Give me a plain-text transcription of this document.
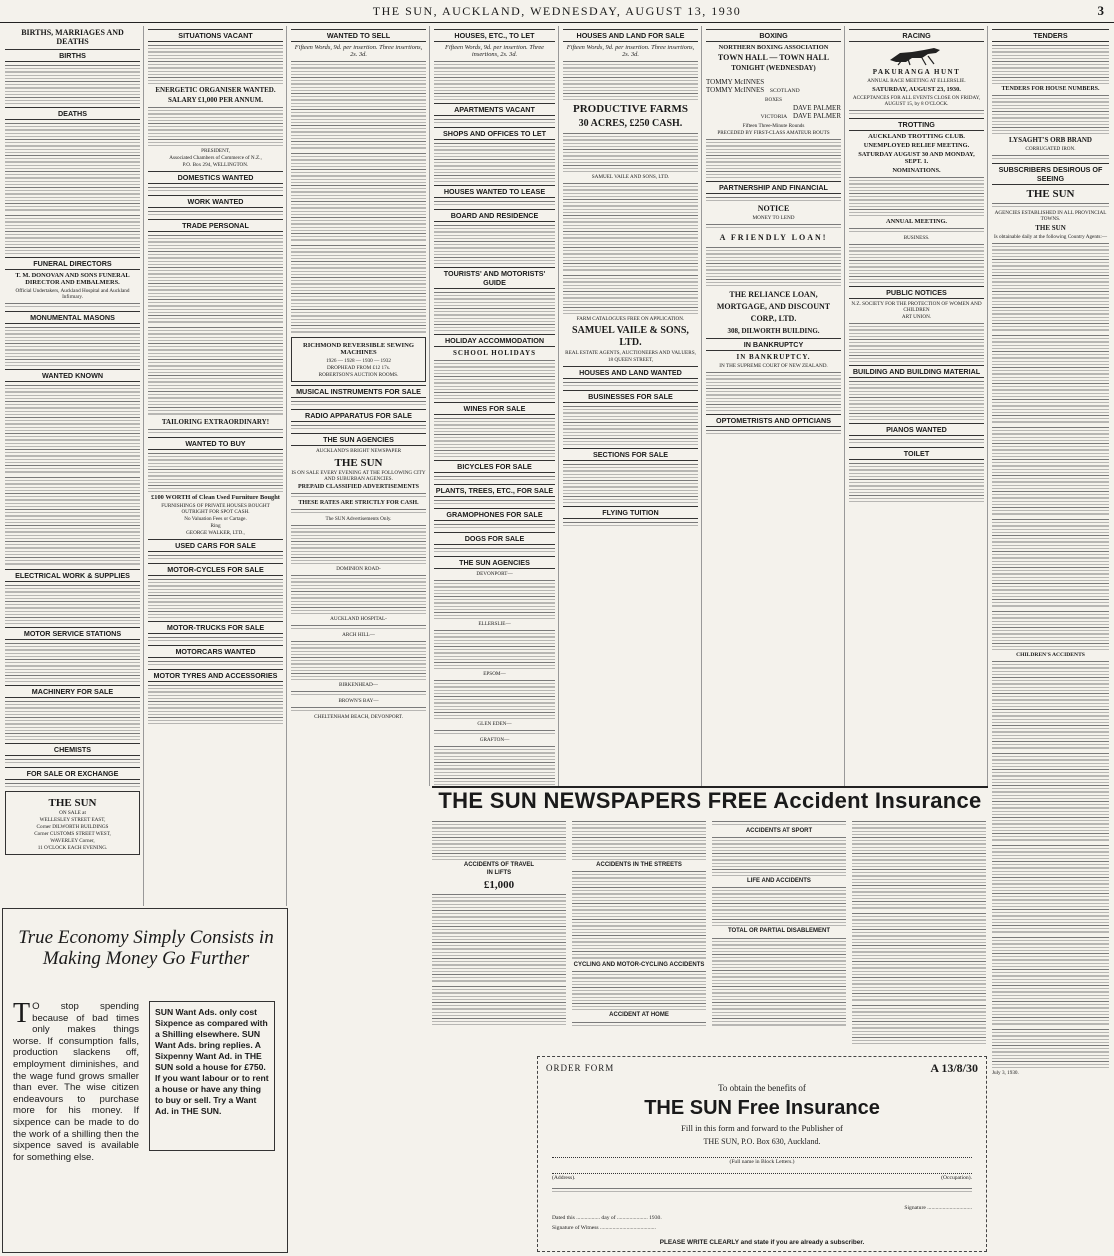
THE SUN, AUCKLAND, WEDNESDAY, AUGUST 13, 1930	3
BIRTHS, MARRIAGES AND DEATHS
BIRTHS
DEATHS
FUNERAL DIRECTORS
T. M. DONOVAN AND SONS FUNERAL DIRECTOR AND EMBALMERS.
Official Undertakers, Auckland Hospital and Auckland Infirmary.
MONUMENTAL MASONS
WANTED KNOWN
ELECTRICAL WORK & SUPPLIES
MOTOR SERVICE STATIONS
MACHINERY FOR SALE
CHEMISTS
FOR SALE OR EXCHANGE
THE SUN
ON SALE at
WELLESLEY STREET EAST,
Corner DILWORTH BUILDINGS
Corner CUSTOMS STREET WEST,
WAVERLEY Corner,
11 O'CLOCK EACH EVENING.
SITUATIONS VACANT
ENERGETIC ORGANISER WANTED.
SALARY £1,000 PER ANNUM.
PRESIDENT,
Associated Chambers of Commerce of N.Z.,
P.O. Box 294, WELLINGTON.
DOMESTICS WANTED
WORK WANTED
TRADE PERSONAL
TAILORING EXTRAORDINARY!
WANTED TO BUY
£100 WORTH of Clean Used Furniture Bought
FURNISHINGS OF PRIVATE HOUSES BOUGHT OUTRIGHT FOR SPOT CASH.
No Valuation Fees or Cartage.
Ring
GEORGE WALKER, LTD.,
USED CARS FOR SALE
MOTOR-CYCLES FOR SALE
MOTOR-TRUCKS FOR SALE
MOTORCARS WANTED
MOTOR TYRES AND ACCESSORIES
WANTED TO SELL
Fifteen Words, 9d. per insertion. Three insertions, 2s. 3d.
RICHMOND REVERSIBLE SEWING MACHINES
1926 — 1928 — 1930 — 1932
DROPHEAD FROM £12 17s.
ROBERTSON'S AUCTION ROOMS.
MUSICAL INSTRUMENTS FOR SALE
RADIO APPARATUS FOR SALE
THE SUN AGENCIES
AUCKLAND'S BRIGHT NEWSPAPER
THE SUN
IS ON SALE EVERY EVENING AT THE FOLLOWING CITY AND SUBURBAN AGENCIES.
PREPAID CLASSIFIED ADVERTISEMENTS
THESE RATES ARE STRICTLY FOR CASH.
The SUN Advertisements Only.
DOMINION ROAD-
AUCKLAND HOSPITAL-
ARCH HILL—
BIRKENHEAD—
BROWN'S BAY—
CHELTENHAM BEACH, DEVONPORT.
HOUSES, ETC., TO LET
Fifteen Words, 9d. per insertion. Three insertions, 2s. 3d.
APARTMENTS VACANT
SHOPS AND OFFICES TO LET
HOUSES WANTED TO LEASE
BOARD AND RESIDENCE
TOURISTS' AND MOTORISTS' GUIDE
HOLIDAY ACCOMMODATION
SCHOOL HOLIDAYS
WINES FOR SALE
BICYCLES FOR SALE
PLANTS, TREES, ETC., FOR SALE
GRAMOPHONES FOR SALE
DOGS FOR SALE
THE SUN AGENCIES
DEVONPORT—
ELLERSLIE—
EPSOM—
GLEN EDEN—
GRAFTON—
HOUSES AND LAND FOR SALE
Fifteen Words, 9d. per insertion. Three insertions, 2s. 3d.
PRODUCTIVE FARMS
30 ACRES, £250 CASH.
SAMUEL VAILE AND SONS, LTD.
FARM CATALOGUES FREE ON APPLICATION.
SAMUEL VAILE & SONS, LTD.
REAL ESTATE AGENTS, AUCTIONEERS AND VALUERS,
18 QUEEN STREET,
HOUSES AND LAND WANTED
BUSINESSES FOR SALE
SECTIONS FOR SALE
FLYING TUITION
BOXING
NORTHERN BOXING ASSOCIATION
TOWN HALL — TOWN HALL
TONIGHT (WEDNESDAY)
TOMMY McINNES
TOMMY McINNES SCOTLAND
BOXES
DAVE PALMER
VICTORIA DAVE PALMER
Fifteen Three-Minute Rounds
PRECEDED BY FIRST-CLASS AMATEUR BOUTS
PARTNERSHIP AND FINANCIAL
NOTICE
MONEY TO LEND
A FRIENDLY LOAN!
THE RELIANCE LOAN, MORTGAGE, AND DISCOUNT CORP., LTD.
308, DILWORTH BUILDING.
IN BANKRUPTCY
IN BANKRUPTCY.
IN THE SUPREME COURT OF NEW ZEALAND.
OPTOMETRISTS AND OPTICIANS
RACING
PAKURANGA HUNT
ANNUAL RACE MEETING AT ELLERSLIE.
SATURDAY, AUGUST 23, 1930.
ACCEPTANCES FOR ALL EVENTS CLOSE ON FRIDAY, AUGUST 15, by 8 O'CLOCK.
TROTTING
AUCKLAND TROTTING CLUB.
UNEMPLOYED RELIEF MEETING.
SATURDAY AUGUST 30 AND MONDAY, SEPT. 1.
NOMINATIONS.
ANNUAL MEETING.
BUSINESS.
PUBLIC NOTICES
N.Z. SOCIETY FOR THE PROTECTION OF WOMEN AND CHILDREN
ART UNION.
BUILDING AND BUILDING MATERIAL
PIANOS WANTED
TOILET
TENDERS
TENDERS FOR HOUSE NUMBERS.
LYSAGHT'S ORB BRAND
CORRUGATED IRON.
SUBSCRIBERS DESIROUS OF SEEING
THE SUN
AGENCIES ESTABLISHED IN ALL PROVINCIAL TOWNS.
THE SUN
Is obtainable daily at the following Country Agents:—
CHILDREN'S ACCIDENTS
July 3, 1930.
True Economy Simply Consists in Making Money Go Further
T O stop spending because of bad times only makes things worse. If consumption falls, production slackens off, employment diminishes, and the wage fund grows smaller than ever. The wise citizen endeavours to purchase more for his money. If sixpence can be made to do the work of a shilling then the sixpence saved is available for something else.
SUN Want Ads. only cost Sixpence as compared with a Shilling elsewhere. SUN Want Ads. bring replies. A Sixpenny Want Ad. in THE SUN sold a house for £750. If you want labour or to rent a house or have any thing to buy or sell. Try a Want Ad. in THE SUN.
THE SUN NEWSPAPERS FREE Accident Insurance
ACCIDENTS OF TRAVEL
IN LIFTS
£1,000
ACCIDENTS IN THE STREETS
CYCLING AND MOTOR-CYCLING ACCIDENTS
ACCIDENT AT HOME
ACCIDENTS AT SPORT
LIFE AND ACCIDENTS
TOTAL OR PARTIAL DISABLEMENT
ORDER FORM	A 13/8/30
To obtain the benefits of
THE SUN Free Insurance
Fill in this form and forward to the Publisher of
THE SUN, P.O. Box 630, Auckland.
(Full name in Block Letters.)
(Address).	(Occupation).
Signature ................................
Dated this ................. day of ...................... 1930.
Signature of Witness ........................................
PLEASE WRITE CLEARLY and state if you are already a subscriber.
